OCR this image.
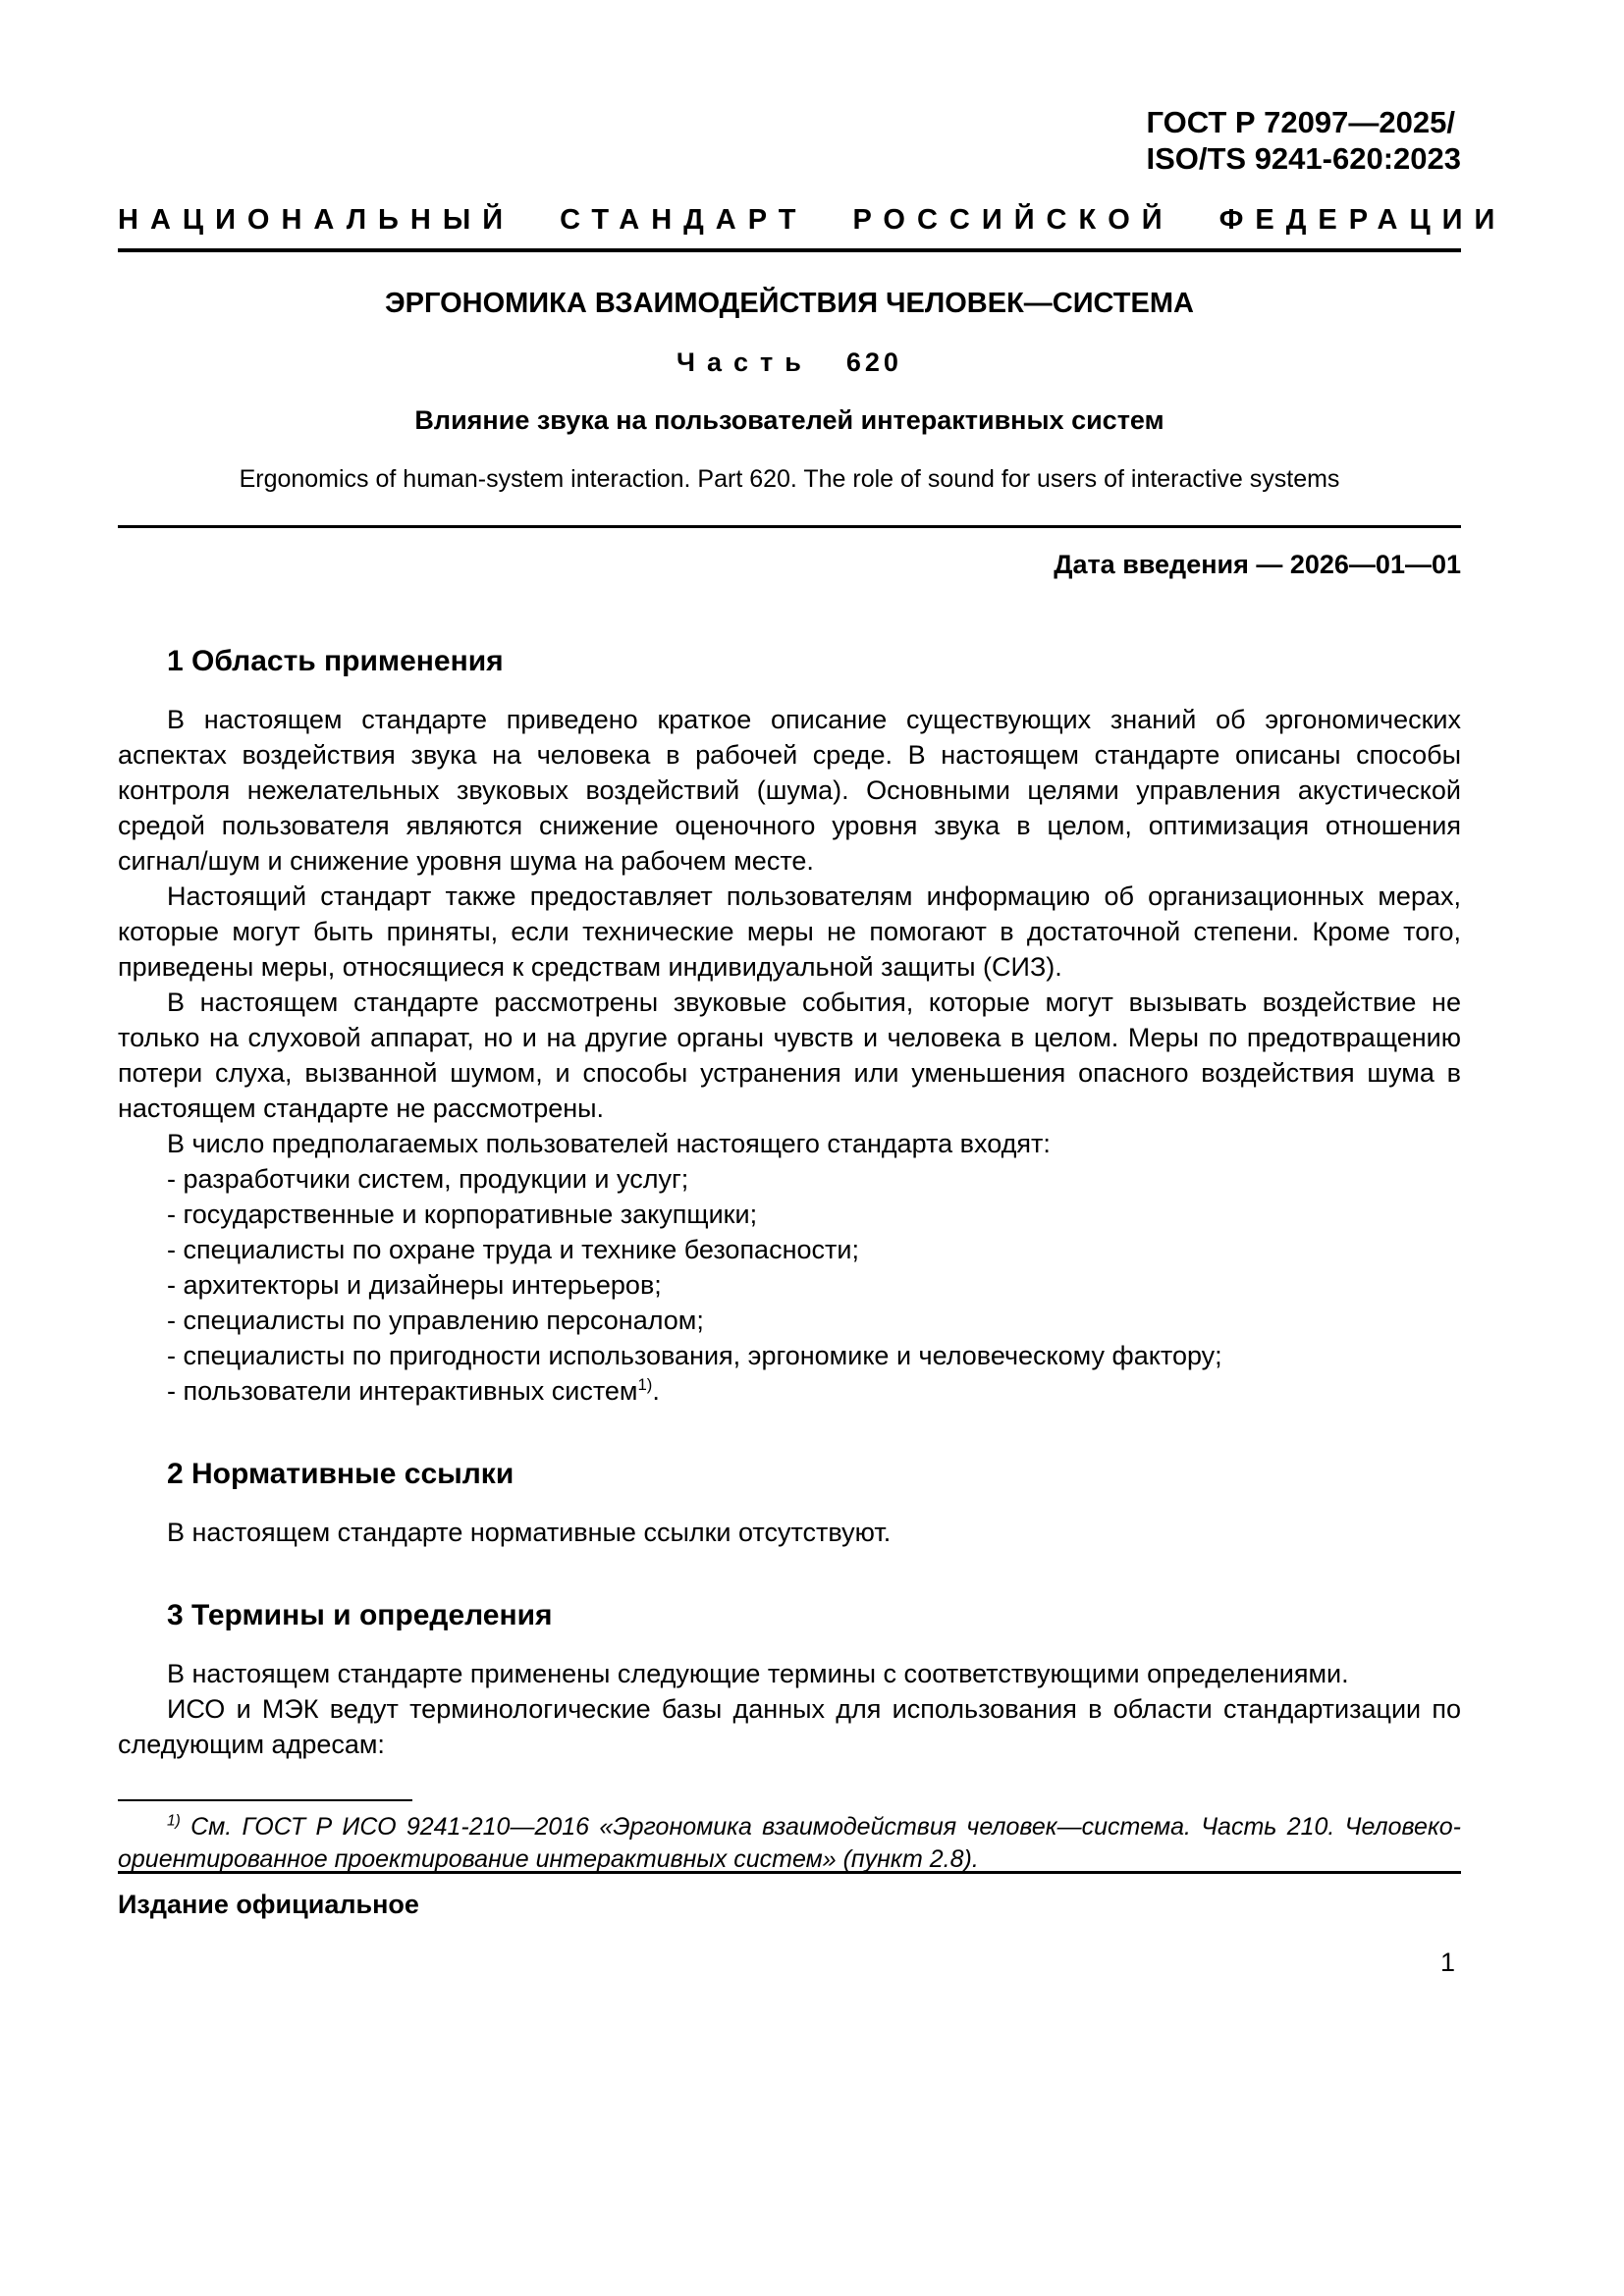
ГОСТ Р 72097—2025/
ISO/TS 9241-620:2023
НАЦИОНАЛЬНЫЙ СТАНДАРТ РОССИЙСКОЙ ФЕДЕРАЦИИ
ЭРГОНОМИКА ВЗАИМОДЕЙСТВИЯ ЧЕЛОВЕК—СИСТЕМА
Часть 620
Влияние звука на пользователей интерактивных систем
Ergonomics of human-system interaction. Part 620. The role of sound for users of interactive systems
Дата введения — 2026—01—01
1 Область применения

В настоящем стандарте приведено краткое описание существующих знаний об эргономических аспектах воздействия звука на человека в рабочей среде. В настоящем стандарте описаны способы контроля нежелательных звуковых воздействий (шума). Основными целями управления акустической средой пользователя являются снижение оценочного уровня звука в целом, оптимизация отношения сигнал/шум и снижение уровня шума на рабочем месте.

Настоящий стандарт также предоставляет пользователям информацию об организационных мерах, которые могут быть приняты, если технические меры не помогают в достаточной степени. Кроме того, приведены меры, относящиеся к средствам индивидуальной защиты (СИЗ).

В настоящем стандарте рассмотрены звуковые события, которые могут вызывать воздействие не только на слуховой аппарат, но и на другие органы чувств и человека в целом. Меры по предотвращению потери слуха, вызванной шумом, и способы устранения или уменьшения опасного воздействия шума в настоящем стандарте не рассмотрены.

В число предполагаемых пользователей настоящего стандарта входят:

- разработчики систем, продукции и услуг;
- государственные и корпоративные закупщики;
- специалисты по охране труда и технике безопасности;
- архитекторы и дизайнеры интерьеров;
- специалисты по управлению персоналом;
- специалисты по пригодности использования, эргономике и человеческому фактору;
- пользователи интерактивных систем$^{1)}$.
2 Нормативные ссылки

В настоящем стандарте нормативные ссылки отсутствуют.

3 Термины и определения

В настоящем стандарте применены следующие термины с соответствующими определениями.

ИСО и МЭК ведут терминологические базы данных для использования в области стандартизации по следующим адресам:

$^{1)}$ См. ГОСТ Р ИСО 9241-210—2016 «Эргономика взаимодействия человек—система. Часть 210. Человеко-ориентированное проектирование интерактивных систем» (пункт 2.8).
Издание официальное
1
